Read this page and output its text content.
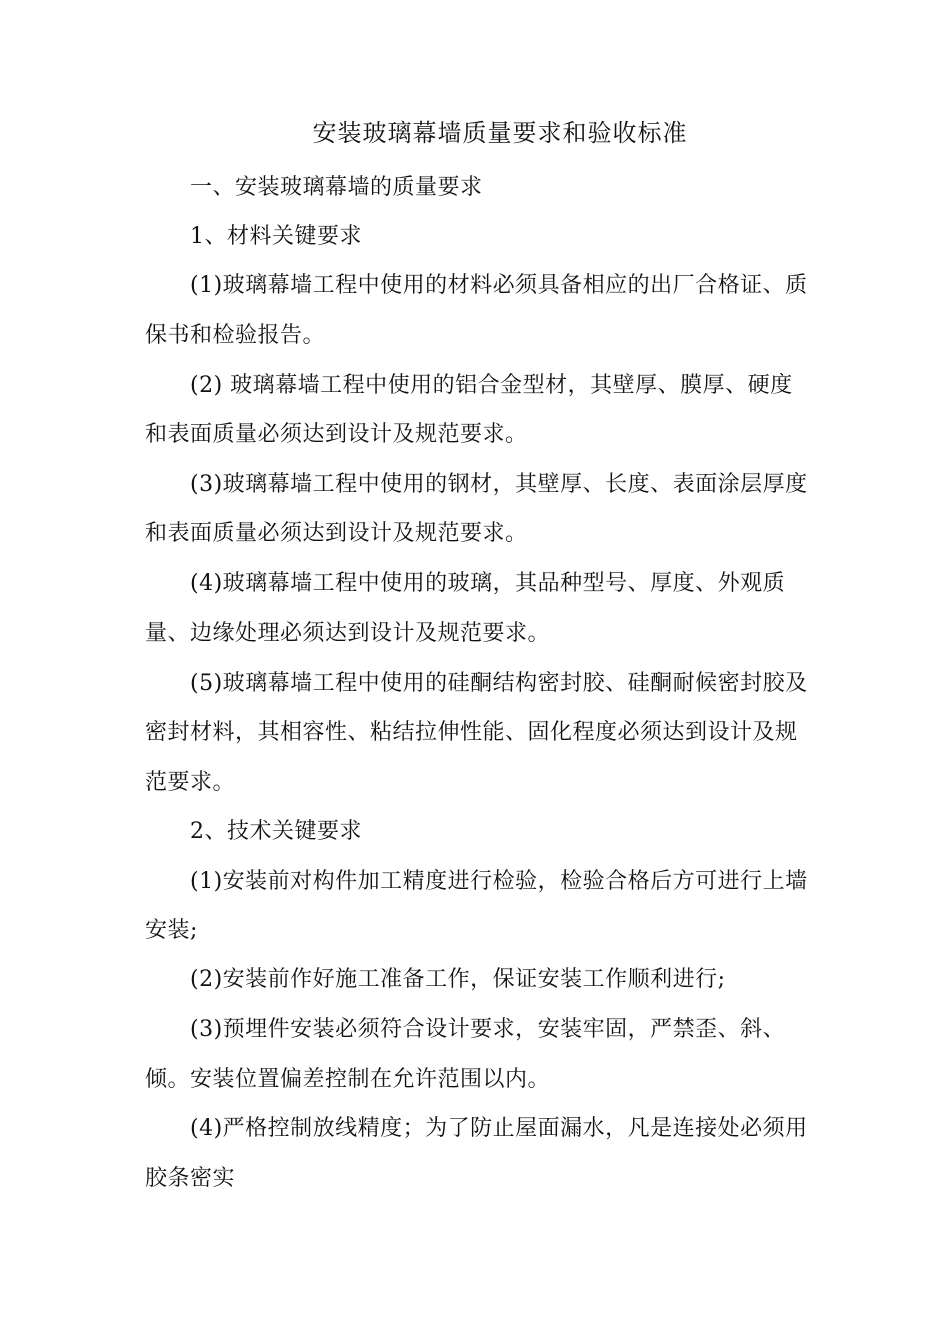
安装玻璃幕墙质量要求和验收标准
一、安装玻璃幕墙的质量要求
1、材料关键要求
(1)玻璃幕墙工程中使用的材料必须具备相应的出厂合格证、质
保书和检验报告。
(2) 玻璃幕墙工程中使用的铝合金型材，其壁厚、膜厚、硬度
和表面质量必须达到设计及规范要求。
(3)玻璃幕墙工程中使用的钢材，其壁厚、长度、表面涂层厚度
和表面质量必须达到设计及规范要求。
(4)玻璃幕墙工程中使用的玻璃，其品种型号、厚度、外观质
量、边缘处理必须达到设计及规范要求。
(5)玻璃幕墙工程中使用的硅酮结构密封胶、硅酮耐候密封胶及
密封材料，其相容性、粘结拉伸性能、固化程度必须达到设计及规
范要求。
2、技术关键要求
(1)安装前对构件加工精度进行检验，检验合格后方可进行上墙
安装;
(2)安装前作好施工准备工作，保证安装工作顺利进行;
(3)预埋件安装必须符合设计要求，安装牢固，严禁歪、斜、
倾。安装位置偏差控制在允许范围以内。
(4)严格控制放线精度；为了防止屋面漏水，凡是连接处必须用
胶条密实
